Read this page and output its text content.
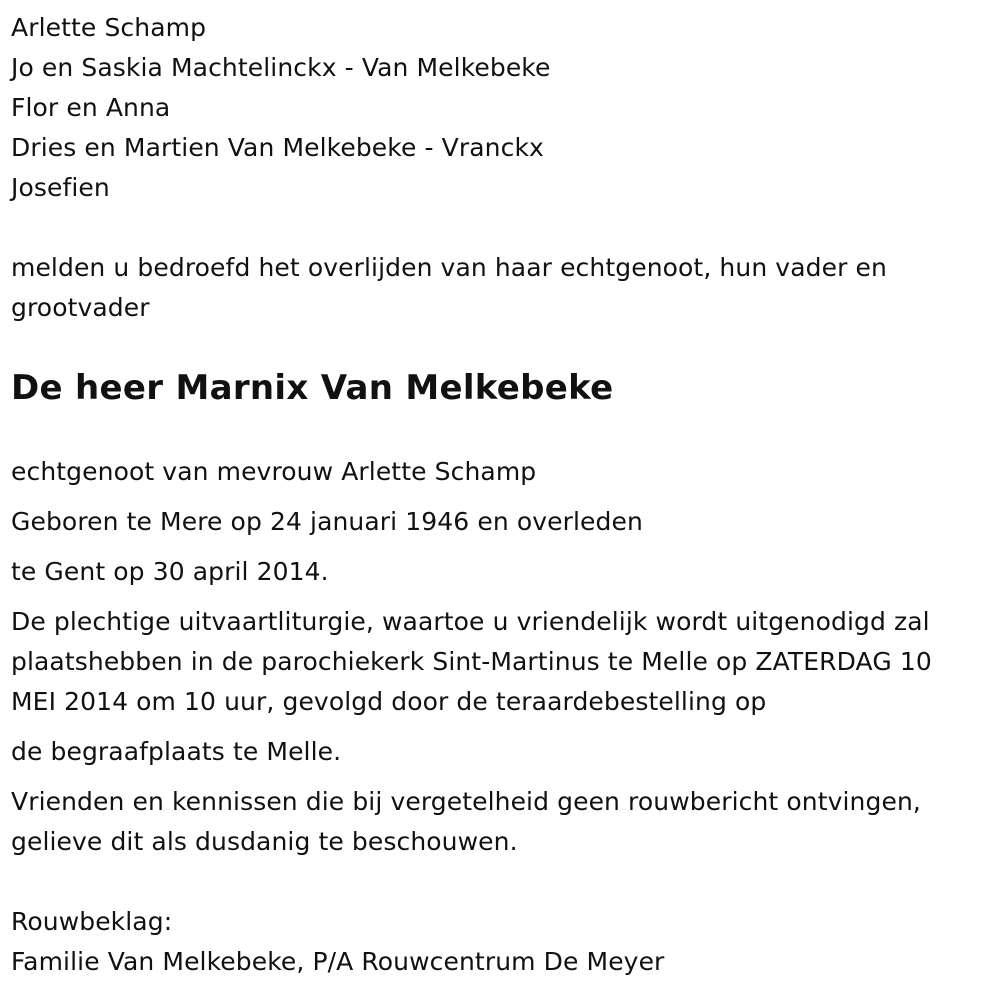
Arlette Schamp
Jo en Saskia Machtelinckx - Van Melkebeke
Flor en Anna
Dries en Martien Van Melkebeke - Vranckx
Josefien
melden u bedroefd het overlijden van haar echtgenoot, hun vader en
grootvader
De heer Marnix Van Melkebeke
echtgenoot van mevrouw Arlette Schamp
Geboren te Mere op 24 januari 1946 en overleden
te Gent op 30 april 2014.
De plechtige uitvaartliturgie, waartoe u vriendelijk wordt uitgenodigd zal
plaatshebben in de parochiekerk Sint-Martinus te Melle op ZATERDAG 10
MEI 2014 om 10 uur, gevolgd door de teraardebestelling op
de begraafplaats te Melle.
Vrienden en kennissen die bij vergetelheid geen rouwbericht ontvingen,
gelieve dit als dusdanig te beschouwen.
Rouwbeklag:
Familie Van Melkebeke, P/A Rouwcentrum De Meyer
